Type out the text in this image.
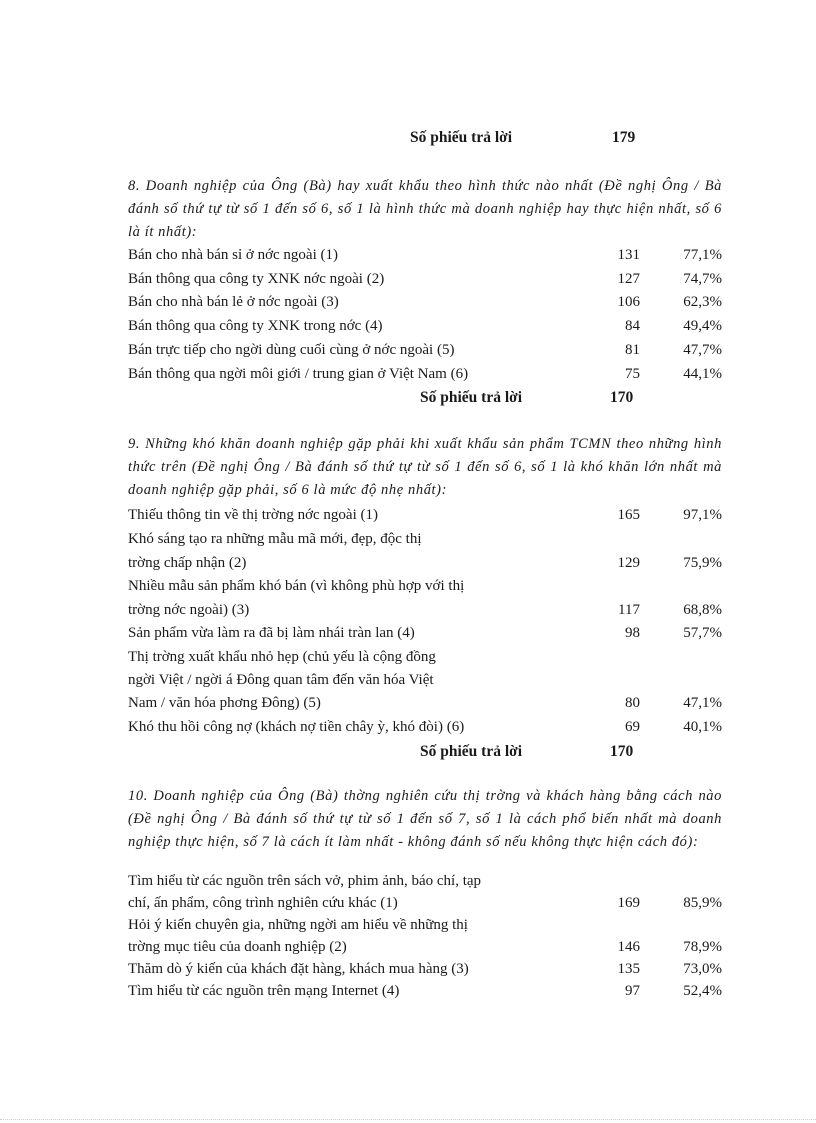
Số phiếu trả lời	179
8. Doanh nghiệp của Ông (Bà) hay xuất khẩu theo hình thức nào nhất (Đề nghị Ông / Bà đánh số thứ tự từ số 1 đến số 6, số 1 là hình thức mà doanh nghiệp hay thực hiện nhất, số 6 là ít nhất):
Bán cho nhà bán sỉ ở nớc ngoài (1)	131	77,1%
Bán thông qua công ty XNK nớc ngoài (2)	127	74,7%
Bán cho nhà bán lẻ ở nớc ngoài (3)	106	62,3%
Bán thông qua công ty XNK trong nớc (4)	84	49,4%
Bán trực tiếp cho ngời dùng cuối cùng ở nớc ngoài (5)	81	47,7%
Bán thông qua ngời môi giới / trung gian ở Việt Nam (6)	75	44,1%
Số phiếu trả lời	170
9. Những khó khăn doanh nghiệp gặp phải khi xuất khẩu sản phẩm TCMN theo những hình thức trên (Đề nghị Ông / Bà đánh số thứ tự từ số 1 đến số 6, số 1 là khó khăn lớn nhất mà doanh nghiệp gặp phải, số 6 là mức độ nhẹ nhất):
Thiếu thông tin về thị trờng nớc ngoài (1)	165	97,1%
Khó sáng tạo ra những mẫu mã mới, đẹp, độc thị
trờng chấp nhận (2)	129	75,9%
Nhiều mẫu sản phẩm khó bán (vì không phù hợp với thị
trờng nớc ngoài) (3)	117	68,8%
Sản phẩm vừa làm ra đã bị làm nhái tràn lan (4)	98	57,7%
Thị trờng xuất khẩu nhỏ hẹp (chủ yếu là cộng đồng
ngời Việt / ngời á Đông quan tâm đến văn hóa Việt
Nam / văn hóa phơng Đông) (5)	80	47,1%
Khó thu hồi công nợ (khách nợ tiền chây ỳ, khó đòi) (6)	69	40,1%
Số phiếu trả lời	170
10. Doanh nghiệp của Ông (Bà) thờng nghiên cứu thị trờng và khách hàng bằng cách nào (Đề nghị Ông / Bà đánh số thứ tự từ số 1 đến số 7, số 1 là cách phổ biến nhất mà doanh nghiệp thực hiện, số 7 là cách ít làm nhất - không đánh số nếu không thực hiện cách đó):
Tìm hiểu từ các nguồn trên sách vở, phim ảnh, báo chí, tạp
chí, ấn phẩm, công trình nghiên cứu khác (1)	169	85,9%
Hỏi ý kiến chuyên gia, những ngời am hiểu về những thị
trờng mục tiêu của doanh nghiệp (2)	146	78,9%
Thăm dò ý kiến của khách đặt hàng, khách mua hàng (3)	135	73,0%
Tìm hiểu từ các nguồn trên mạng Internet (4)	97	52,4%
